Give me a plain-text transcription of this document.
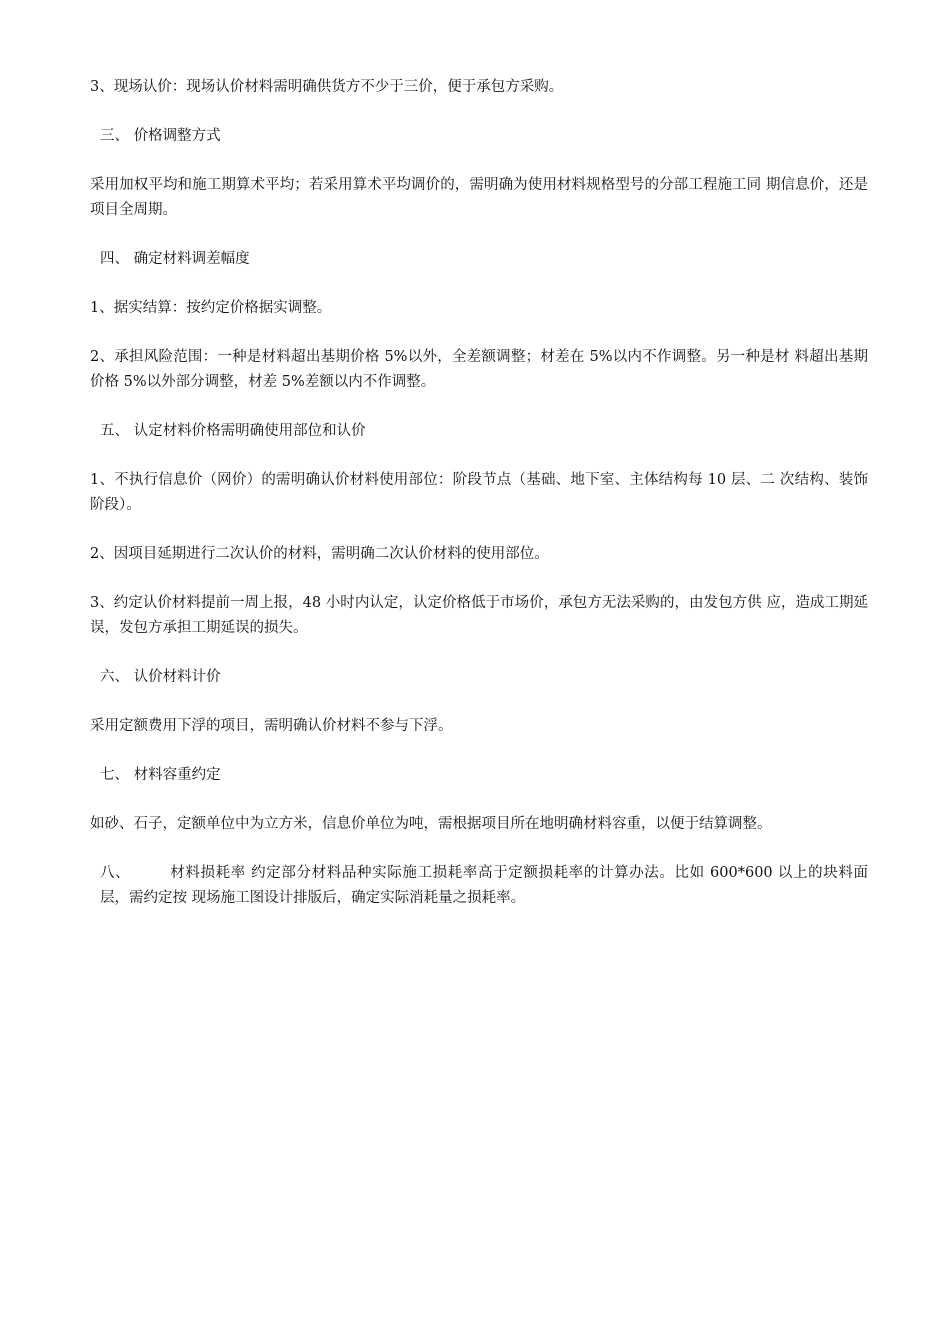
3、现场认价：现场认价材料需明确供货方不少于三价，便于承包方采购。

三、 价格调整方式

采用加权平均和施工期算术平均；若采用算术平均调价的，需明确为使用材料规格型号的分部工程施工同 期信息价，还是项目全周期。

四、 确定材料调差幅度

1、据实结算：按约定价格据实调整。

2、承担风险范围：一种是材料超出基期价格 5%以外，全差额调整；材差在 5%以内不作调整。另一种是材 料超出基期价格 5%以外部分调整，材差 5%差额以内不作调整。

五、 认定材料价格需明确使用部位和认价

1、不执行信息价（网价）的需明确认价材料使用部位：阶段节点（基础、地下室、主体结构每 10 层、二 次结构、装饰阶段）。

2、因项目延期进行二次认价的材料，需明确二次认价材料的使用部位。

3、约定认价材料提前一周上报，48 小时内认定，认定价格低于市场价，承包方无法采购的，由发包方供 应，造成工期延误，发包方承担工期延误的损失。

六、 认价材料计价

采用定额费用下浮的项目，需明确认价材料不参与下浮。

七、 材料容重约定

如砂、石子，定额单位中为立方米，信息价单位为吨，需根据项目所在地明确材料容重，以便于结算调整。

八、	材料损耗率 约定部分材料品种实际施工损耗率高于定额损耗率的计算办法。比如 600*600 以上的块料面层，需约定按 现场施工图设计排版后，确定实际消耗量之损耗率。
